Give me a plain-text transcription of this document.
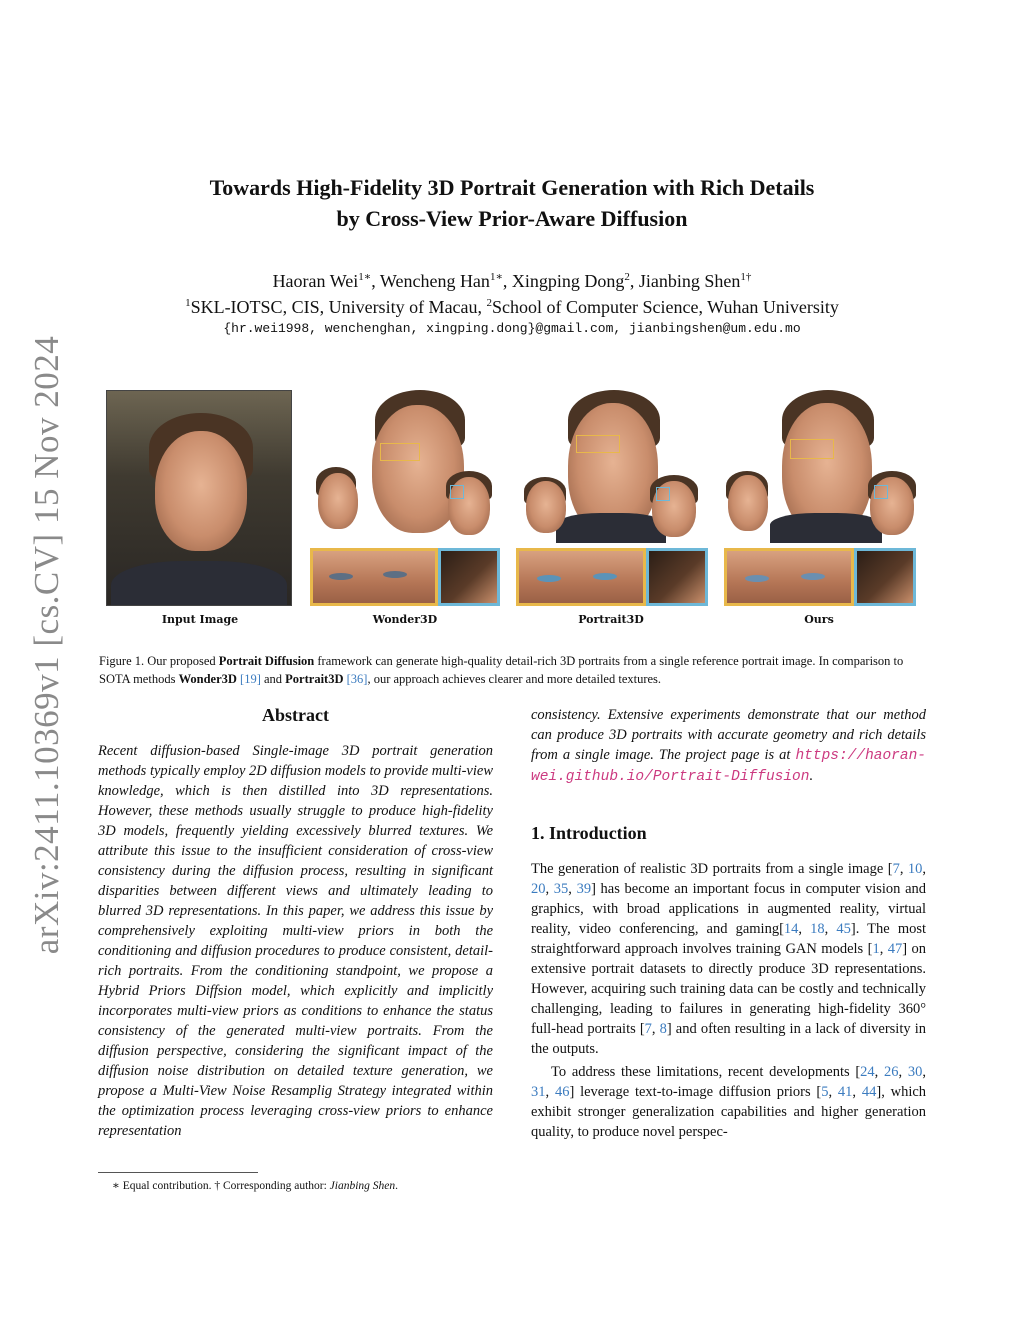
arXiv:2411.10369v1 [cs.CV] 15 Nov 2024
Towards High-Fidelity 3D Portrait Generation with Rich Details
by Cross-View Prior-Aware Diffusion
Haoran Wei$^{1∗}$, Wencheng Han$^{1∗}$, Xingping Dong$^2$, Jianbing Shen$^{1\dagger}$
$^1$SKL-IOTSC, CIS, University of Macau, $^2$School of Computer Science, Wuhan University
{hr.wei1998, wenchenghan, xingping.dong}@gmail.com, jianbingshen@um.edu.mo
Input Image	Wonder3D	Portrait3D	Ours
Figure 1. Our proposed Portrait Diffusion framework can generate high-quality detail-rich 3D portraits from a single reference portrait image. In comparison to SOTA methods Wonder3D [19] and Portrait3D [36], our approach achieves clearer and more detailed textures.
Abstract

Recent diffusion-based Single-image 3D portrait generation methods typically employ 2D diffusion models to provide multi-view knowledge, which is then distilled into 3D representations. However, these methods usually struggle to produce high-fidelity 3D models, frequently yielding excessively blurred textures. We attribute this issue to the insufficient consideration of cross-view consistency during the diffusion process, resulting in significant disparities between different views and ultimately leading to blurred 3D representations. In this paper, we address this issue by comprehensively exploiting multi-view priors in both the conditioning and diffusion procedures to produce consistent, detail-rich portraits. From the conditioning standpoint, we propose a Hybrid Priors Diffsion model, which explicitly and implicitly incorporates multi-view priors as conditions to enhance the status consistency of the generated multi-view portraits. From the diffusion perspective, considering the significant impact of the diffusion noise distribution on detailed texture generation, we propose a Multi-View Noise Resamplig Strategy integrated within the optimization process leveraging cross-view priors to enhance representation

∗ Equal contribution. † Corresponding author: Jianbing Shen.

consistency. Extensive experiments demonstrate that our method can produce 3D portraits with accurate geometry and rich details from a single image. The project page is at https://haoran-wei.github.io/Portrait-Diffusion.

1. Introduction

The generation of realistic 3D portraits from a single image [7, 10, 20, 35, 39] has become an important focus in computer vision and graphics, with broad applications in augmented reality, virtual reality, video conferencing, and gaming[14, 18, 45]. The most straightforward approach involves training GAN models [1, 47] on extensive portrait datasets to directly produce 3D representations. However, acquiring such training data can be costly and technically challenging, leading to failures in generating high-fidelity 360° full-head portraits [7, 8] and often resulting in a lack of diversity in the outputs.

To address these limitations, recent developments [24, 26, 30, 31, 46] leverage text-to-image diffusion priors [5, 41, 44], which exhibit stronger generalization capabilities and higher generation quality, to produce novel perspec-
